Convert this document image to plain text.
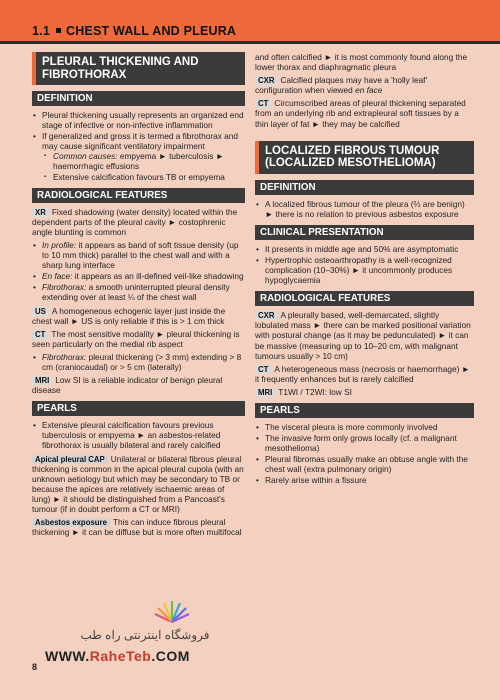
1.1 CHEST WALL AND PLEURA
PLEURAL THICKENING AND
FIBROTHORAX
DEFINITION
• Pleural thickening usually represents an organized end stage of infective or non-infective inflammation
• If generalized and gross it is termed a fibrothorax and may cause significant ventilatory impairment
▪ Common causes: empyema ► tuberculosis ► haemorrhagic effusions
▪ Extensive calcification favours TB or empyema
RADIOLOGICAL FEATURES

XR Fixed shadowing (water density) located within the dependent parts of the pleural cavity ► costophrenic angle blunting is common

• In profile: it appears as band of soft tissue density (up to 10 mm thick) parallel to the chest wall and with a sharp lung interface
• En face: it appears as an ill-defined veil-like shadowing
• Fibrothorax: a smooth uninterrupted pleural density extending over at least ¼ of the chest wall

US A homogeneous echogenic layer just inside the chest wall ► US is only reliable if this is > 1 cm thick

CT The most sensitive modality ► pleural thickening is seen particularly on the medial rib aspect

• Fibrothorax: pleural thickening (> 3 mm) extending > 8 cm (craniocaudal) or > 5 cm (laterally)

MRI Low SI is a reliable indicator of benign pleural disease

PEARLS
• Extensive pleural calcification favours previous tuberculosis or empyema ► an asbestos-related fibrothorax is usually bilateral and rarely calcified

Apical pleural CAP Unilateral or bilateral fibrous pleural thickening is common in the apical pleural cupola (with an unknown aetiology but which may be secondary to TB or because the apices are relatively ischaemic areas of lung) ► it should be distinguished from a Pancoast's tumour (if in doubt perform a CT or MRI)

Asbestos exposure This can induce fibrous pleural thickening ► it can be diffuse but is more often multifocal

and often calcified ► it is most commonly found along the lower thorax and diaphragmatic pleura

CXR Calcified plaques may have a 'holly leaf' configuration when viewed en face

CT Circumscribed areas of pleural thickening separated from an underlying rib and extrapleural soft tissues by a thin layer of fat ► they may be calcified

LOCALIZED FIBROUS TUMOUR
(LOCALIZED MESOTHELIOMA)
DEFINITION
• A localized fibrous tumour of the pleura (⅔ are benign) ► there is no relation to previous asbestos exposure
CLINICAL PRESENTATION
• It presents in middle age and 50% are asymptomatic
• Hypertrophic osteoarthropathy is a well-recognized complication (10–30%) ► it uncommonly produces hypoglycaemia
RADIOLOGICAL FEATURES

CXR A pleurally based, well-demarcated, slightly lobulated mass ► there can be marked positional variation with postural change (as it may be pedunculated) ► it can be massive (measuring up to 10–20 cm, with malignant tumours usually > 10 cm)

CT A heterogeneous mass (necrosis or haemorrhage) ► it frequently enhances but is rarely calcified

MRI T1WI / T2WI: low SI

PEARLS
• The visceral pleura is more commonly involved
• The invasive form only grows locally (cf. a malignant mesothelioma)
• Pleural fibromas usually make an obtuse angle with the chest wall (extra pulmonary origin)
• Rarely arise within a fissure
فروشگاه اینترنتی راه طب
WWW.RaheTeb.COM
8
